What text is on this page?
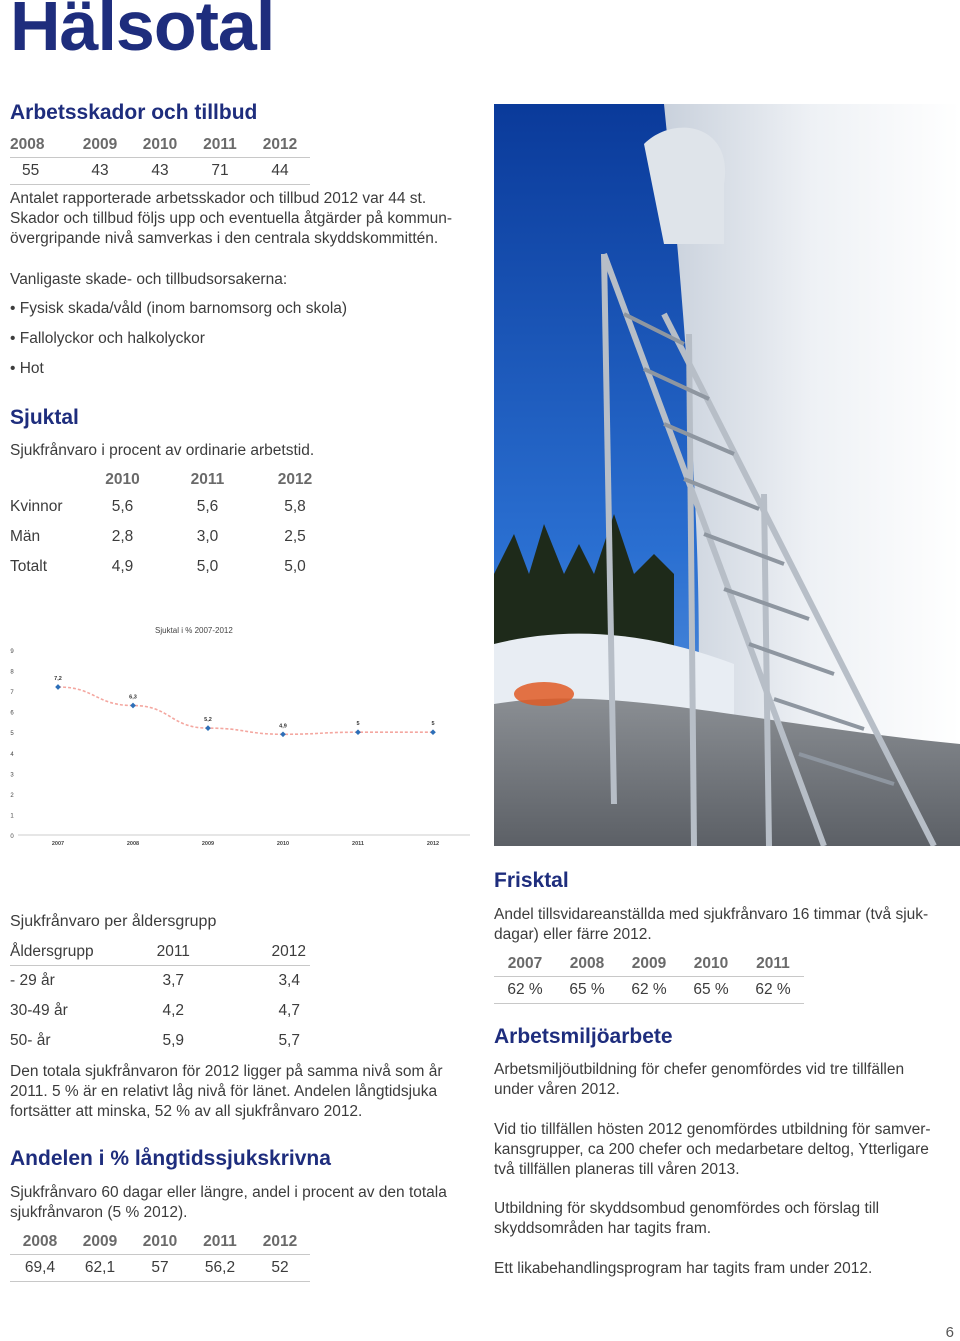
Hälsotal
Arbetsskador och tillbud
2008	2009	2010	2011	2012
55	43	43	71	44
Antalet rapporterade arbetsskador och tillbud 2012 var 44 st.
Skador och tillbud följs upp och eventuella åtgärder på kommun-
övergripande nivå samverkas i den centrala skyddskommittén.
Vanligaste skade- och tillbudsorsakerna:
• Fysisk skada/våld (inom barnomsorg och skola)
• Fallolyckor och halkolyckor
• Hot
Sjuktal
Sjukfrånvaro i procent av ordinarie arbetstid.
	2010	2011	2012
Kvinnor	5,6	5,6	5,8
Män	2,8	3,0	2,5
Totalt	4,9	5,0	5,0
Sjuktal i % 2007-2012
0
1
2
3
4
5
6
7
8
9
2007	2008	2009	2010	2011	2012
7,2
6,3
5,2
4,9	5	5
Sjukfrånvaro per åldersgrupp
Åldersgrupp	2011	2012
- 29 år	3,7	3,4
30-49 år	4,2	4,7
50- år	5,9	5,7
Den totala sjukfrånvaron för 2012 ligger på samma nivå som år
2011. 5 % är en relativt låg nivå för länet. Andelen långtidsjuka
fortsätter att minska, 52 % av all sjukfrånvaro 2012.
Andelen i % långtidssjukskrivna
Sjukfrånvaro 60 dagar eller längre, andel i procent av den totala
sjukfrånvaron (5 % 2012).
2008	2009	2010	2011	2012
69,4	62,1	57	56,2	52
Frisktal
Andel tillsvidareanställda med sjukfrånvaro 16 timmar (två sjuk-
dagar) eller färre 2012.
2007	2008	2009	2010	2011
62 %	65 %	62 %	65 %	62 %
Arbetsmiljöarbete
Arbetsmiljöutbildning för chefer genomfördes vid tre tillfällen
under våren 2012.
Vid tio tillfällen hösten 2012 genomfördes utbildning för samver-
kansgrupper, ca 200 chefer och medarbetare deltog, Ytterligare
två tillfällen planeras till våren 2013.
Utbildning för skyddsombud genomfördes och förslag till
skyddsområden har tagits fram.
Ett likabehandlingsprogram har tagits fram under 2012.
6
